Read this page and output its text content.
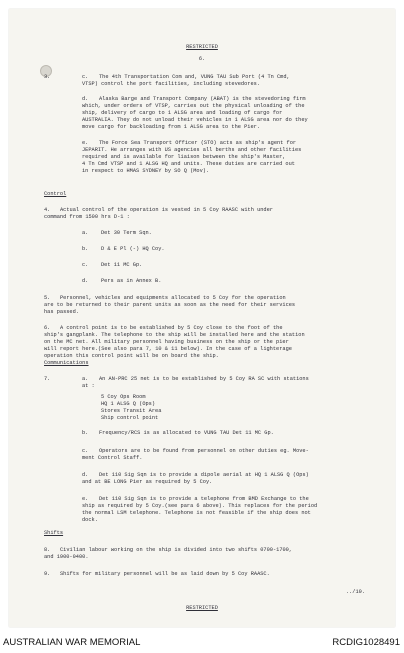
RESTRICTED
6.
3.	c. The 4th Transportation Com and, VUNG TAU Sub Port (4 Tn Cmd,
VTSP) control the port facilities, including stevedores.
d. Alaska Barge and Transport Company (ABAT) is the stevedoring firm
which, under orders of VTSP, carries out the physical unloading of the
ship, delivery of cargo to 1 ALSG area and loading of cargo for
AUSTRALIA. They do not unload their vehicles in 1 ALSG area nor do they
move cargo for backloading from 1 ALSG area to the Pier.
e. The Force Sea Transport Officer (STO) acts as ship's agent for
JEPARIT. He arranges with US agencies all berths and other facilities
required and is available for liaison between the ship's Master,
4 Tn Cmd VTSP and 1 ALSG HQ and units. These duties are carried out
in respect to HMAS SYDNEY by SO Q (Mov).
Control
4. Actual control of the operation is vested in 5 Coy RAASC with under
command from 1500 hrs D-1 :
a. Det 30 Term Sqn.
b. D & E Pl (-) HQ Coy.
c. Det 11 MC Gp.
d. Pers as in Annex B.
5. Personnel, vehicles and equipments allocated to 5 Coy for the operation
are to be returned to their parent units as soon as the need for their services
has passed.
6. A control point is to be established by 5 Coy close to the foot of the
ship's gangplank. The telephone to the ship will be installed here and the station
on the MC net. All military personnel having business on the ship or the pier
will report here.(See also para 7, 10 & 11 below). In the case of a lighterage
operation this control point will be on board the ship.
Communications
7.	a. An AN-PRC 25 net is to be established by 5 Coy RA SC with stations
at :
5 Coy Ops Room
HQ 1 ALSG Q (Ops)
Stores Transit Area
Ship control point
b. Frequency/RCS is as allocated to VUNG TAU Det 11 MC Gp.
c. Operators are to be found from personnel on other duties eg. Move-
ment Control Staff.
d. Det 110 Sig Sqn is to provide a dipole aerial at HQ 1 ALSG Q (Ops)
and at BE LONG Pier as required by 5 Coy.
e. Det 110 Sig Sqn is to provide a telephone from BMD Exchange to the
ship as required by 5 Coy.(see para 6 above). This replaces for the period
the normal LSM telephone. Telephone is not feasible if the ship does not
dock.
Shifts
8. Civilian labour working on the ship is divided into two shifts 0700-1700,
and 1900-0400.
9. Shifts for military personnel will be as laid down by 5 Coy RAASC.
../10.
RESTRICTED
AUSTRALIAN WAR MEMORIAL	RCDIG1028491
